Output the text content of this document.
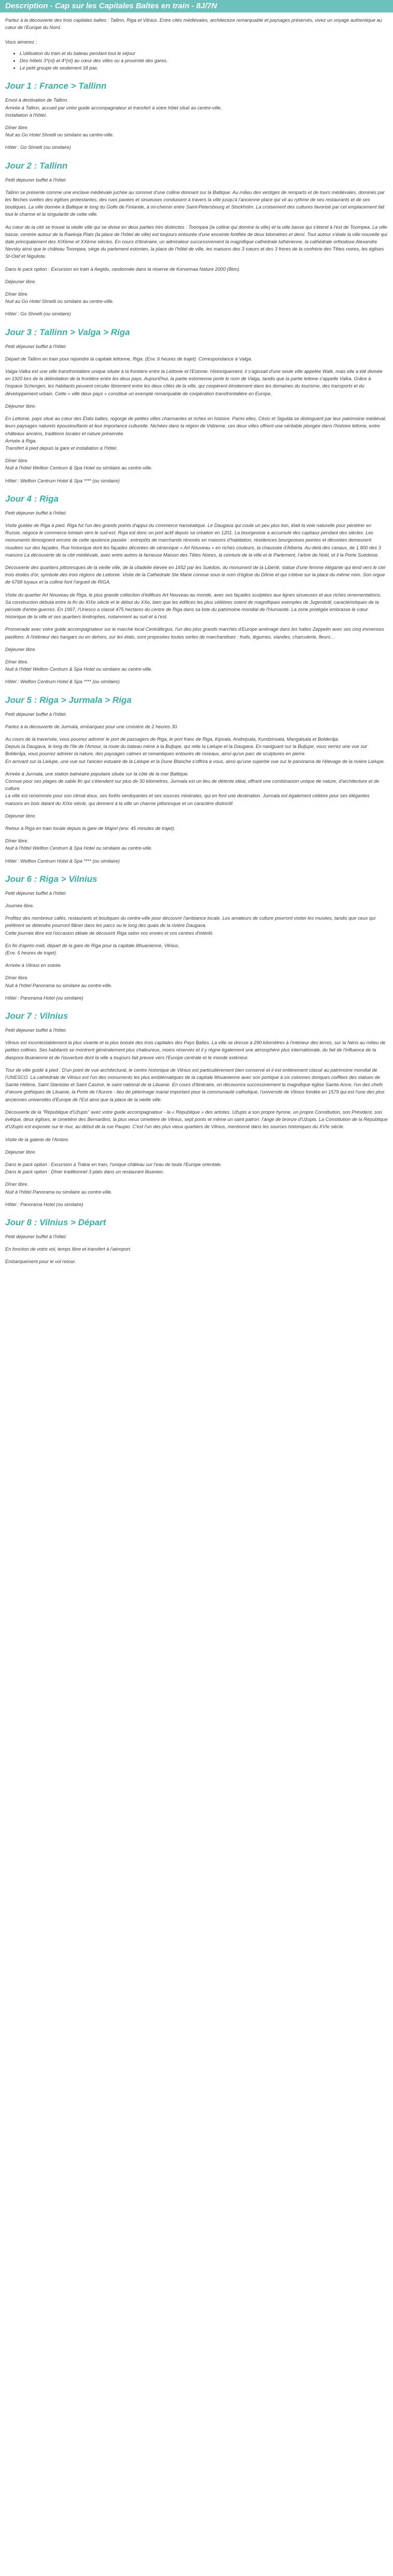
Description - Cap sur les Capitales Baltes en train - 8J/7N
Partez à la découverte des trois capitales baltes : Tallinn, Riga et Vilnius. Entre cités médiévales, architecture remarquable et paysages préservés, vivez un voyage authentique au cœur de l'Europe du Nord.
Vous aimerez :
• L'utilisation du train et du bateau pendant tout le séjour
• Des hôtels 3*(nl) et 4*(nl) au cœur des villes ou à proximité des gares.
• Le petit groupe de seulement 18 pax.
Jour 1 : France > Tallinn
Envol à destination de Tallinn.
Arrivée à Tallinn, accueil par votre guide accompagnateur et transfert à votre hôtel situé au centre-ville.
Installation à l'hôtel.
Dîner libre.
Nuit au Go Hotel Shnelli ou similaire au centre-ville.
Hôtel : Go Shnelli (ou similaire)
Jour 2 : Tallinn
Petit déjeuner buffet à l'hôtel.
Tallinn se présente comme une enclave médiévale juchée au sommet d'une colline donnant sur la Baltique. Au milieu des vestiges de remparts et de tours médiévales, dominés par les flèches sveltes des églises protestantes, des rues pavées et sinueuses conduisent à travers la ville jusqu'à l'ancienne place qui vit au rythme de ses restaurants et de ses boutiques. La ville donnée à Baltique le long du Golfe de Finlande, à mi-chemin entre Saint-Pétersbourg et Stockholm. La croisement des cultures favorisé par cet emplacement fait tout le charme et la singularité de cette ville.
Au cœur de la cité se trouve la vieille ville qui se divise en deux parties très distinctes : Toompea (la colline qui domine la ville) et la ville basse qui s'étend à l'est de Toompea. La ville basse, centrée autour de la Raekoja Plats (la place de l'hôtel de ville) est toujours entourée d'une enceinte fortifiée de deux kilomètres et demi. Tout autour s'étale la ville nouvelle qui date principalement des XIXème et XXème siècles. En cours d'itinéraire, un admirateur successivement la magnifique cathédrale luthérienne, la cathédrale orthodoxe Alexandre Nevsky ainsi que le château Toompea, siège du parlement estonien, la place de l'hôtel de ville, les maisons des 3 sœurs et des 3 frères de la confrérie des Têtes noires, les églises St-Olaf et Niguliste.
Dans le pack option : Excursion en train à Aegidu, randonnée dans la réserve de Korvemaa Nature 2000 (8km).
Déjeuner libre.
Dîner libre.
Nuit au Go Hotel Shnelli ou similaire au centre-ville.
Hôtel : Go Shnelli (ou similaire)
Jour 3 : Tallinn > Valga > Riga
Petit déjeuner buffet à l'hôtel.
Départ de Tallinn en train pour rejoindre la capitale lettonne, Riga. (Env. 6 heures de trajet). Correspondance à Valga.
Valga-Valka est une ville transfrontalière unique située à la frontière entre la Lettonie et l'Estonie. Historiquement, il s'agissait d'une seule ville appelée Walk, mais elle a été divisée en 1920 lors de la délimitation de la frontière entre les deux pays. Aujourd'hui, la partie estonienne porte le nom de Valga, tandis que la partie lettone s'appelle Valka. Grâce à l'espace Schengen, les habitants peuvent circuler librement entre les deux côtés de la ville, qui coopèrent étroitement dans les domaines du tourisme, des transports et du développement urbain. Cette « ville deux pays » constitue un exemple remarquable de coopération transfrontalière en Europe.
Déjeuner libre.
En Lettonie, pays situé au cœur des États baltes, regorge de petites villes charmantes et riches en histoire. Parmi elles, Césis et Sigulda se distinguent par leur patrimoine médiéval, leurs paysages naturels époustouflants et leur importance culturelle. Nichées dans la région de Vidzeme, ces deux villes offrent une véritable plongée dans l'histoire lettone, entre châteaux anciens, traditions locales et nature préservée.
Arrivée à Riga.
Transfert à pied depuis la gare et installation à l'hôtel.
Dîner libre.
Nuit à l'hôtel Wellton Centrum & Spa Hotel ou similaire au centre-ville.
Hôtel : Wellton Centrum Hotel & Spa **** (ou similaire)
Jour 4 : Riga
Petit déjeuner buffet à l'hôtel.
Visite guidée de Riga à pied. Riga fut l'un des grands points d'appui du commerce hanséatique. Le Daugava qui coule un peu plus loin, était la voie naturelle pour pénétrer en Russie, négoce le commerce lointain vers le sud-est. Riga est donc un port actif depuis sa création en 1201. La bourgeoisie a accumulé des capitaux pendant des siècles. Les monuments témoignent encore de cette opulence passée : entrepôts de marchands rénovés en maisons d'habitation, résidences bourgeoises peintes et décorées demeurent moulées sur des façades. Rue historique dont les façades décorées de céramique « Art Nouveau » en riches couleurs, la chaussée d'Alberta. Au-delà des canaux, de 1 800 des 3 maisons La découverte de la cité médiévale, avec entre autres la fameuse Maison des Têtes Noires, la ceinture de la ville et le Parlement, l'arbre de Noël, et il la Porte Suédoise.
Découverte des quartiers pittoresques de la vieille ville, de la citadelle élevée en 1652 par les Suédois, du monument de la Liberté, statue d'une femme élégante qui tend vers le ciel trois étoiles d'or, symbole des trois régions de Lettonie. Visite de la Cathédrale Ste Marie connue sous le nom d'église du Dôme et qui s'élève sur la place du même nom. Son orgue de 6768 tuyaux et la colline font l'orgueil de RIGA.
Visite du quartier Art Nouveau de Riga, le plus grande collection d'édifices Art Nouveau au monde, avec ses façades sculptées aux lignes sinueuses et aux riches ornementations. Sa construction débuta entre la fin du XIXe siècle et le début du XXe, bien que les édifices les plus célèbres soient de magnifiques exemples de Jugendstil, caractéristiques de la période d'entre-guerres. En 1997, l'Unesco a classé 475 hectares du centre de Riga dans sa liste du patrimoine mondial de l'Humanité. La zone protégée embrasse le cœur historique de la ville et ses quartiers limitrophes, notamment au sud et à l'est.
Promenade avec votre guide accompagnateur sur le marché local Centrāltirgus, l'un des plus grands marchés d'Europe aménagé dans les halles Zeppelin avec ses cinq immenses pavillons. A l'intérieur des hangars ou en dehors, sur les étals, sont proposées toutes sortes de marchandises : fruits, légumes, viandes, charcuterie, fleurs…
Déjeuner libre.
Dîner libre.
Nuit à l'hôtel Wellton Centrum & Spa Hotel ou similaire au centre-ville.
Hôtel : Wellton Centrum Hotel & Spa **** (ou similaire)
Jour 5 : Riga > Jurmala > Riga
Petit déjeuner buffet à l'hôtel.
Partez à la découverte de Jurmala, embarquez pour une croisière de 2 heures 30.
Au cours de la traversée, vous pourrez admirer le port de passagers de Riga, le port franc de Riga, Kipsala, Andrejsala, Kundzinsala, Mangalsala et Bolderāja.
Depuis la Daugava, le long de l'île de l'Amour, la route du bateau mène à la Buļļupe, qui relie la Lielupe et la Daugava. En naviguant sur la Buļļupe, vous verrez une vue sur Bolderāja, vous pourrez admirer la nature, des paysages calmes et romantiques entourés de roseaux, ainsi qu'un parc de sculptures en pierre.
En arrivant sur la Lielupe, une vue sur l'ancien estuaire de la Lielupe et la Dune Blanche s'offrira à vous, ainsi qu'une superbe vue sur le panorama de l'élevage de la rivière Lielupe.
Arrivée à Jurmala, une station balnéaire populaire située sur la côte de la mer Baltique.
Connue pour ses plages de sable fin qui s'étendent sur plus de 30 kilomètres, Jurmala est un lieu de détente idéal, offrant une combinaison unique de nature, d'architecture et de culture.
La ville est renommée pour son climat doux, ses forêts verdoyantes et ses sources minérales, qui en font une destination. Jurmala est également célèbre pour ses élégantes maisons en bois datant du XIXe siècle, qui donnent à la ville un charme pittoresque et un caractère distinctif.
Déjeuner libre.
Retour à Riga en train locale depuis la gare de Majori (env. 45 minutes de trajet).
Dîner libre.
Nuit à l'hôtel Wellton Centrum & Spa Hotel ou similaire au centre-ville.
Hôtel : Wellton Centrum Hotel & Spa **** (ou similaire)
Jour 6 : Riga > Vilnius
Petit déjeuner buffet à l'hôtel.
Journée libre.
Profitez des nombreux cafés, restaurants et boutiques du centre-ville pour découvrir l'ambiance locale. Les amateurs de culture pourront visiter les musées, tandis que ceux qui préfèrent se détendre pourront flâner dans les parcs ou le long des quais de la rivière Daugava.
Cette journée libre est l'occasion idéale de découvrir Riga selon vos envies et vos centres d'intérêt.
En fin d'après-midi, départ de la gare de Riga pour la capitale lithuanienne, Vilnius.
(Env. 5 heures de trajet).
Arrivée à Vilnius en soirée.
Dîner libre.
Nuit à l'hôtel Panorama ou similaire au centre-ville.
Hôtel : Panorama Hotel (ou similaire)
Jour 7 : Vilnius
Petit déjeuner buffet à l'hôtel.
Vilnius est incontestablement la plus vivante et la plus boisée des trois capitales des Pays Baltes. La ville se dresse à 290 kilomètres à l'intérieur des terres, sur la Néris au milieu de petites collines. Ses habitants se montrent généralement plus chaleureux, moins réservés et il y règne également une atmosphère plus internationale, du fait de l'influence de la diaspora lituanienne et de l'ouverture dont la ville a toujours fait preuve vers l'Europe centrale et le monde extérieur.
Tour de ville guidé à pied : D'un point de vue architectural, le centre historique de Vilnius est particulièrement bien conservé et il est entièrement classé au patrimoine mondial de l'UNESCO. La cathédrale de Vilnius est l'un des monuments les plus emblématiques de la capitale lithuanienne avec son portique à six colonnes doriques coiffées des statues de Sainte Hélène, Saint Stanislas et Saint Casimir, le saint national de la Lituanie. En cours d'itinéraire, on découvrira successivement la magnifique église Sainte Anne, l'un des chefs d'œuvre gothiques de Lituanie, la Porte de l'Aurore - lieu de pèlerinage marial important pour la communauté catholique, l'université de Vilnius fondée en 1579 qui est l'une des plus anciennes universités d'Europe de l'Est ainsi que la place de la vieille ville.
Découverte de la "République d'Užupis" avec votre guide accompagnateur - la « République » des artistes. Užupis a son propre hymne, un propre Constitution, son Président, son évêque, deux églises, le cimetière des Bernardins, la plus vieux cimetière de Vilnius, sept ponts et même un saint patron: l'ange de bronze d'Užupis. La Constitution de la République d'Užupis est exposée sur le mur, au début de la rue Paupio. C'est l'un des plus vieux quartiers de Vilnius, mentionné dans les sources historiques du XVIe siècle.
Visite de la galerie de l'Ambre.
Déjeuner libre.
Dans le pack option : Excursion à Trakai en train, l'unique château sur l'eau de toute l'Europe orientale.
Dans le pack option : Dîner traditionnel 3 plats dans un restaurant lituanien.
Dîner libre.
Nuit à l'hôtel Panorama ou similaire au centre-ville.
Hôtel : Panorama Hotel (ou similaire)
Jour 8 : Vilnius > Départ
Petit déjeuner buffet à l'hôtel.
En fonction de votre vol, temps libre et transfert à l'aéroport.
Embarquement pour le vol retour.
